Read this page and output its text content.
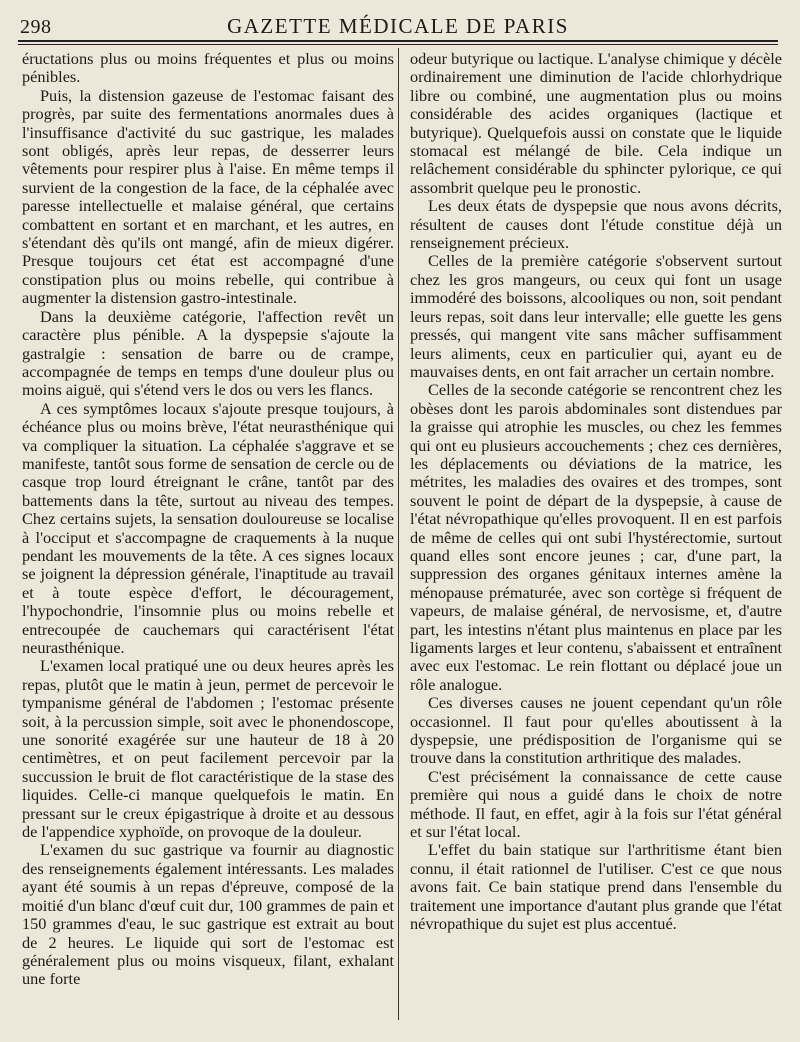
298	GAZETTE MÉDICALE DE PARIS

éructations plus ou moins fréquentes et plus ou moins pénibles.

Puis, la distension gazeuse de l'estomac faisant des progrès, par suite des fermentations anormales dues à l'insuffisance d'activité du suc gastrique, les malades sont obligés, après leur repas, de desserrer leurs vêtements pour respirer plus à l'aise. En même temps il survient de la congestion de la face, de la céphalée avec paresse intellectuelle et malaise général, que certains combattent en sortant et en marchant, et les autres, en s'étendant dès qu'ils ont mangé, afin de mieux digérer. Presque toujours cet état est accompagné d'une constipation plus ou moins rebelle, qui contribue à augmenter la distension gastro-intestinale.

Dans la deuxième catégorie, l'affection revêt un caractère plus pénible. A la dyspepsie s'ajoute la gastralgie : sensation de barre ou de crampe, accompagnée de temps en temps d'une douleur plus ou moins aiguë, qui s'étend vers le dos ou vers les flancs.

A ces symptômes locaux s'ajoute presque toujours, à échéance plus ou moins brève, l'état neurasthénique qui va compliquer la situation. La céphalée s'aggrave et se manifeste, tantôt sous forme de sensation de cercle ou de casque trop lourd étreignant le crâne, tantôt par des battements dans la tête, surtout au niveau des tempes. Chez certains sujets, la sensation douloureuse se localise à l'occiput et s'accompagne de craquements à la nuque pendant les mouvements de la tête. A ces signes locaux se joignent la dépression générale, l'inaptitude au travail et à toute espèce d'effort, le découragement, l'hypochondrie, l'insomnie plus ou moins rebelle et entrecoupée de cauchemars qui caractérisent l'état neurasthénique.

L'examen local pratiqué une ou deux heures après les repas, plutôt que le matin à jeun, permet de percevoir le tympanisme général de l'abdomen ; l'estomac présente soit, à la percussion simple, soit avec le phonendoscope, une sonorité exagérée sur une hauteur de 18 à 20 centimètres, et on peut facilement percevoir par la succussion le bruit de flot caractéristique de la stase des liquides. Celle-ci manque quelquefois le matin. En pressant sur le creux épigastrique à droite et au dessous de l'appendice xyphoïde, on provoque de la douleur.

L'examen du suc gastrique va fournir au diagnostic des renseignements également intéressants. Les malades ayant été soumis à un repas d'épreuve, composé de la moitié d'un blanc d'œuf cuit dur, 100 grammes de pain et 150 grammes d'eau, le suc gastrique est extrait au bout de 2 heures. Le liquide qui sort de l'estomac est généralement plus ou moins visqueux, filant, exhalant une forte

odeur butyrique ou lactique. L'analyse chimique y décèle ordinairement une diminution de l'acide chlorhydrique libre ou combiné, une augmentation plus ou moins considérable des acides organiques (lactique et butyrique). Quelquefois aussi on constate que le liquide stomacal est mélangé de bile. Cela indique un relâchement considérable du sphincter pylorique, ce qui assombrit quelque peu le pronostic.

Les deux états de dyspepsie que nous avons décrits, résultent de causes dont l'étude constitue déjà un renseignement précieux.

Celles de la première catégorie s'observent surtout chez les gros mangeurs, ou ceux qui font un usage immodéré des boissons, alcooliques ou non, soit pendant leurs repas, soit dans leur intervalle; elle guette les gens pressés, qui mangent vite sans mâcher suffisamment leurs aliments, ceux en particulier qui, ayant eu de mauvaises dents, en ont fait arracher un certain nombre.

Celles de la seconde catégorie se rencontrent chez les obèses dont les parois abdominales sont distendues par la graisse qui atrophie les muscles, ou chez les femmes qui ont eu plusieurs accouchements ; chez ces dernières, les déplacements ou déviations de la matrice, les métrites, les maladies des ovaires et des trompes, sont souvent le point de départ de la dyspepsie, à cause de l'état névropathique qu'elles provoquent. Il en est parfois de même de celles qui ont subi l'hystérectomie, surtout quand elles sont encore jeunes ; car, d'une part, la suppression des organes génitaux internes amène la ménopause prématurée, avec son cortège si fréquent de vapeurs, de malaise général, de nervosisme, et, d'autre part, les intestins n'étant plus maintenus en place par les ligaments larges et leur contenu, s'abaissent et entraînent avec eux l'estomac. Le rein flottant ou déplacé joue un rôle analogue.

Ces diverses causes ne jouent cependant qu'un rôle occasionnel. Il faut pour qu'elles aboutissent à la dyspepsie, une prédisposition de l'organisme qui se trouve dans la constitution arthritique des malades.

C'est précisément la connaissance de cette cause première qui nous a guidé dans le choix de notre méthode. Il faut, en effet, agir à la fois sur l'état général et sur l'état local.

L'effet du bain statique sur l'arthritisme étant bien connu, il était rationnel de l'utiliser. C'est ce que nous avons fait. Ce bain statique prend dans l'ensemble du traitement une importance d'autant plus grande que l'état névropathique du sujet est plus accentué.
